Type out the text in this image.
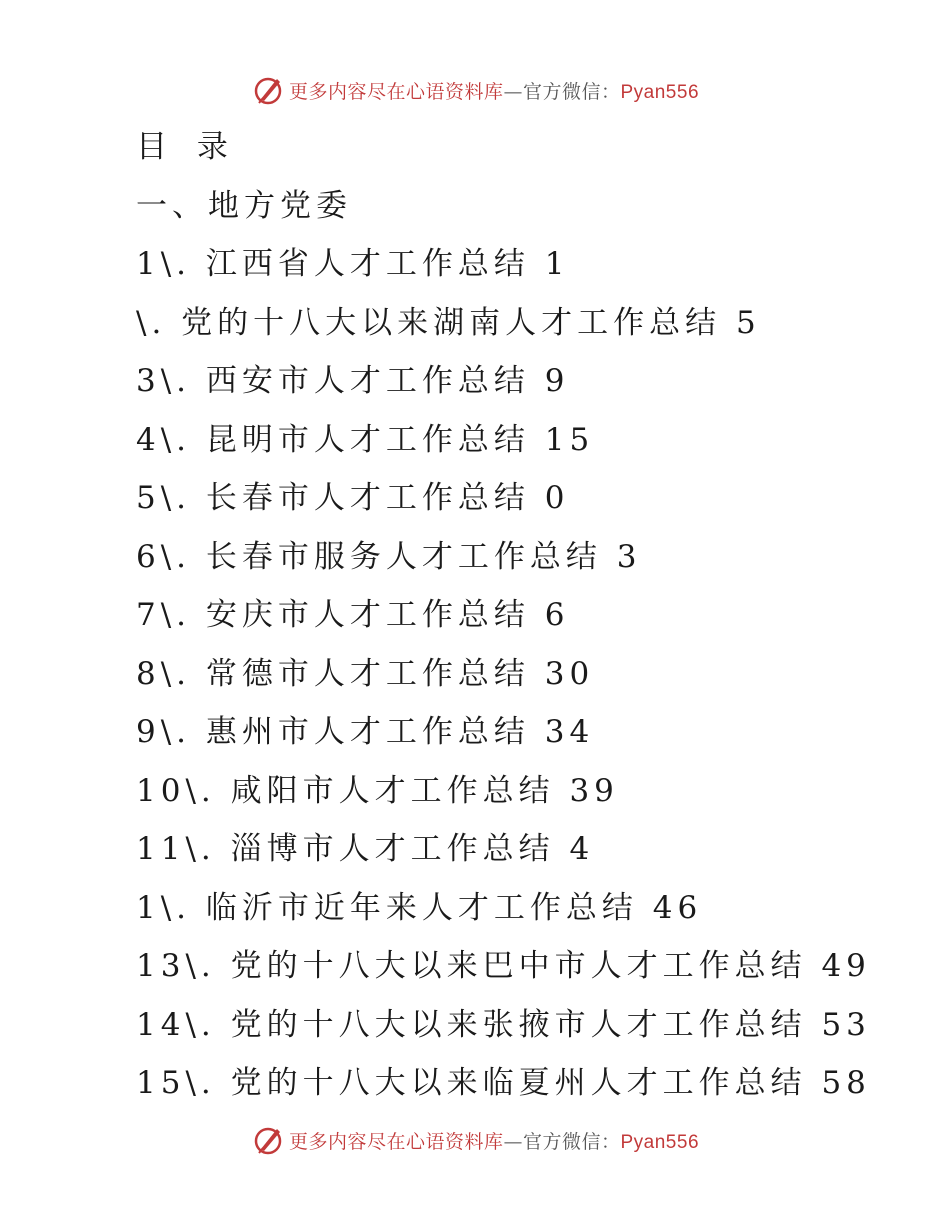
更多内容尽在心语资料库—官方微信：Pyan556
目 录
一、地方党委
1\. 江西省人才工作总结 1
\. 党的十八大以来湖南人才工作总结 5
3\. 西安市人才工作总结 9
4\. 昆明市人才工作总结 15
5\. 长春市人才工作总结 0
6\. 长春市服务人才工作总结 3
7\. 安庆市人才工作总结 6
8\. 常德市人才工作总结 30
9\. 惠州市人才工作总结 34
10\. 咸阳市人才工作总结 39
11\. 淄博市人才工作总结 4
1\. 临沂市近年来人才工作总结 46
13\. 党的十八大以来巴中市人才工作总结 49
14\. 党的十八大以来张掖市人才工作总结 53
15\. 党的十八大以来临夏州人才工作总结 58
更多内容尽在心语资料库—官方微信：Pyan556
